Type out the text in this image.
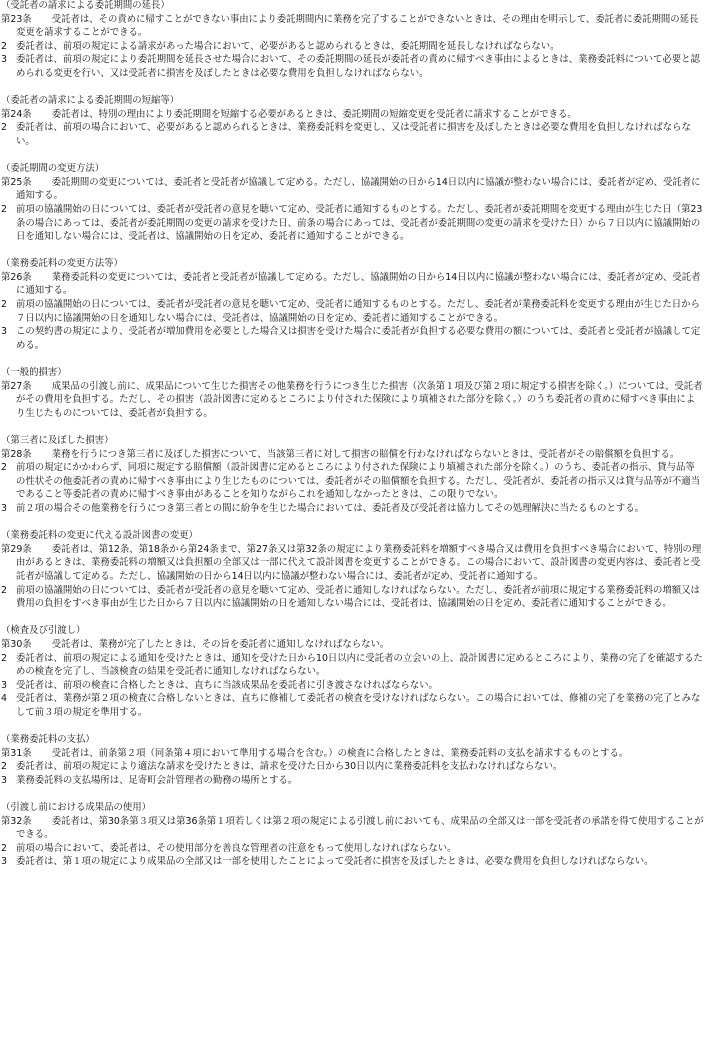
（受託者の請求による委託期間の延長）
第23条 受託者は、その責めに帰すことができない事由により委託期間内に業務を完了することができないときは、その理由を明示して、委託者に委託期間の延長変更を請求することができる。
2 委託者は、前項の規定による請求があった場合において、必要があると認められるときは、委託期間を延長しなければならない。
3 委託者は、前項の規定により委託期間を延長させた場合において、その委託期間の延長が委託者の責めに帰すべき事由によるときは、業務委託料について必要と認められる変更を行い、又は受託者に損害を及ぼしたときは必要な費用を負担しなければならない。
（委託者の請求による委託期間の短縮等）
第24条 委託者は、特別の理由により委託期間を短縮する必要があるときは、委託期間の短縮変更を受託者に請求することができる。
2 委託者は、前項の場合において、必要があると認められるときは、業務委託料を変更し、又は受託者に損害を及ぼしたときは必要な費用を負担しなければならない。
（委託期間の変更方法）
第25条 委託期間の変更については、委託者と受託者が協議して定める。ただし、協議開始の日から14日以内に協議が整わない場合には、委託者が定め、受託者に通知する。
2 前項の協議開始の日については、委託者が受託者の意見を聴いて定め、受託者に通知するものとする。ただし、委託者が委託期間を変更する理由が生じた日（第23条の場合にあっては、委託者が委託期間の変更の請求を受けた日、前条の場合にあっては、受託者が委託期間の変更の請求を受けた日）から７日以内に協議開始の日を通知しない場合には、受託者は、協議開始の日を定め、委託者に通知することができる。
（業務委託料の変更方法等）
第26条 業務委託料の変更については、委託者と受託者が協議して定める。ただし、協議開始の日から14日以内に協議が整わない場合には、委託者が定め、受託者に通知する。
2 前項の協議開始の日については、委託者が受託者の意見を聴いて定め、受託者に通知するものとする。ただし、委託者が業務委託料を変更する理由が生じた日から７日以内に協議開始の日を通知しない場合には、受託者は、協議開始の日を定め、委託者に通知することができる。
3 この契約書の規定により、受託者が増加費用を必要とした場合又は損害を受けた場合に委託者が負担する必要な費用の額については、委託者と受託者が協議して定める。
（一般的損害）
第27条 成果品の引渡し前に、成果品について生じた損害その他業務を行うにつき生じた損害（次条第１項及び第２項に規定する損害を除く。）については、受託者がその費用を負担する。ただし、その損害（設計図書に定めるところにより付された保険により填補された部分を除く。）のうち委託者の責めに帰すべき事由により生じたものについては、委託者が負担する。
（第三者に及ぼした損害）
第28条 業務を行うにつき第三者に及ぼした損害について、当該第三者に対して損害の賠償を行わなければならないときは、受託者がその賠償額を負担する。
2 前項の規定にかかわらず、同項に規定する賠償額（設計図書に定めるところにより付された保険により填補された部分を除く。）のうち、委託者の指示、貸与品等の性状その他委託者の責めに帰すべき事由により生じたものについては、委託者がその賠償額を負担する。ただし、受託者が、委託者の指示又は貸与品等が不適当であること等委託者の責めに帰すべき事由があることを知りながらこれを通知しなかったときは、この限りでない。
3 前２項の場合その他業務を行うにつき第三者との間に紛争を生じた場合においては、委託者及び受託者は協力してその処理解決に当たるものとする。
（業務委託料の変更に代える設計図書の変更）
第29条 委託者は、第12条、第18条から第24条まで、第27条又は第32条の規定により業務委託料を増額すべき場合又は費用を負担すべき場合において、特別の理由があるときは、業務委託料の増額又は負担額の全部又は一部に代えて設計図書を変更することができる。この場合において、設計図書の変更内容は、委託者と受託者が協議して定める。ただし、協議開始の日から14日以内に協議が整わない場合には、委託者が定め、受託者に通知する。
2 前項の協議開始の日については、委託者が受託者の意見を聴いて定め、受託者に通知しなければならない。ただし、委託者が前項に規定する業務委託料の増額又は費用の負担をすべき事由が生じた日から７日以内に協議開始の日を通知しない場合には、受託者は、協議開始の日を定め、委託者に通知することができる。
（検査及び引渡し）
第30条 受託者は、業務が完了したときは、その旨を委託者に通知しなければならない。
2 委託者は、前項の規定による通知を受けたときは、通知を受けた日から10日以内に受託者の立会いの上、設計図書に定めるところにより、業務の完了を確認するための検査を完了し、当該検査の結果を受託者に通知しなければならない。
3 受託者は、前項の検査に合格したときは、直ちに当該成果品を委託者に引き渡さなければならない。
4 受託者は、業務が第２項の検査に合格しないときは、直ちに修補して委託者の検査を受けなければならない。この場合においては、修補の完了を業務の完了とみなして前３項の規定を準用する。
（業務委託料の支払）
第31条 受託者は、前条第２項（同条第４項において準用する場合を含む。）の検査に合格したときは、業務委託料の支払を請求するものとする。
2 委託者は、前項の規定により適法な請求を受けたときは、請求を受けた日から30日以内に業務委託料を支払わなければならない。
3 業務委託料の支払場所は、足寄町会計管理者の勤務の場所とする。
（引渡し前における成果品の使用）
第32条 委託者は、第30条第３項又は第36条第１項若しくは第２項の規定による引渡し前においても、成果品の全部又は一部を受託者の承諾を得て使用することができる。
2 前項の場合において、委託者は、その使用部分を善良な管理者の注意をもって使用しなければならない。
3 委託者は、第１項の規定により成果品の全部又は一部を使用したことによって受託者に損害を及ぼしたときは、必要な費用を負担しなければならない。
